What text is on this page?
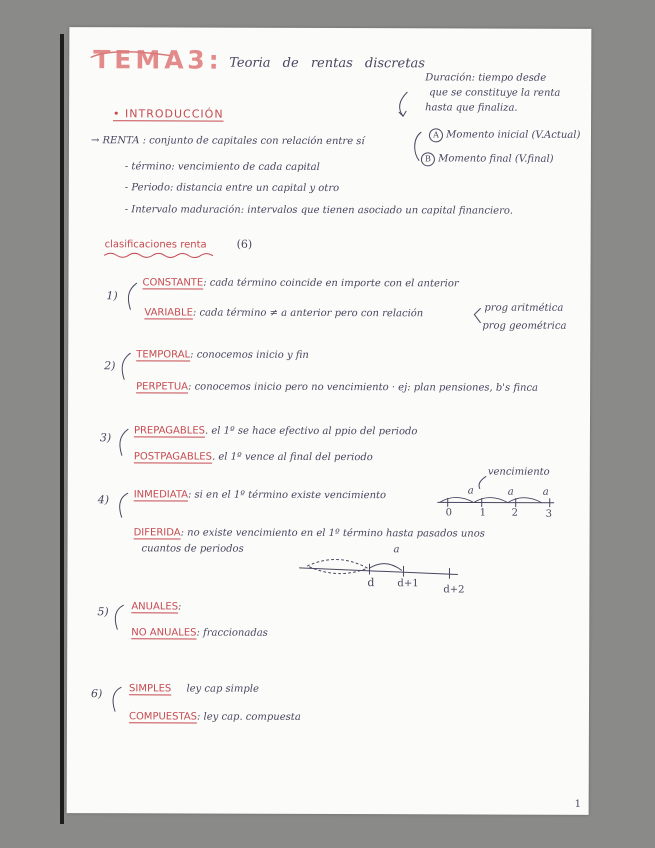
TEMA 3: Teoria de rentas discretas
• INTRODUCCIÓN
Duración: tiempo desde
que se constituye la renta
hasta que finaliza.
→ RENTA : conjunto de capitales con relación entre sí
A Momento inicial (V.Actual)
B Momento final (V.final)
- término: vencimiento de cada capital
- Periodo: distancia entre un capital y otro
- Intervalo maduración: intervalos que tienen asociado un capital financiero.
clasificaciones renta	(6)
1)
CONSTANTE: cada término coincide en importe con el anterior
VARIABLE: cada término ≠ a anterior pero con relación	prog aritmética
prog geométrica
2)
TEMPORAL: conocemos inicio y fin
PERPETUA: conocemos inicio pero no vencimiento · ej: plan pensiones, b's finca
3)
PREPAGABLES. el 1º se hace efectivo al ppio del periodo
POSTPAGABLES. el 1º vence al final del periodo
4) INMEDIATA: si en el 1º término existe vencimiento
vencimiento
a	a	a
0	1	2	3
DIFERIDA: no existe vencimiento en el 1º término hasta pasados unos
cuantos de periodos	a
d d+1
d+2
5) ANUALES:
NO ANUALES: fraccionadas
6)	SIMPLES ley cap simple
COMPUESTAS: ley cap. compuesta
1
